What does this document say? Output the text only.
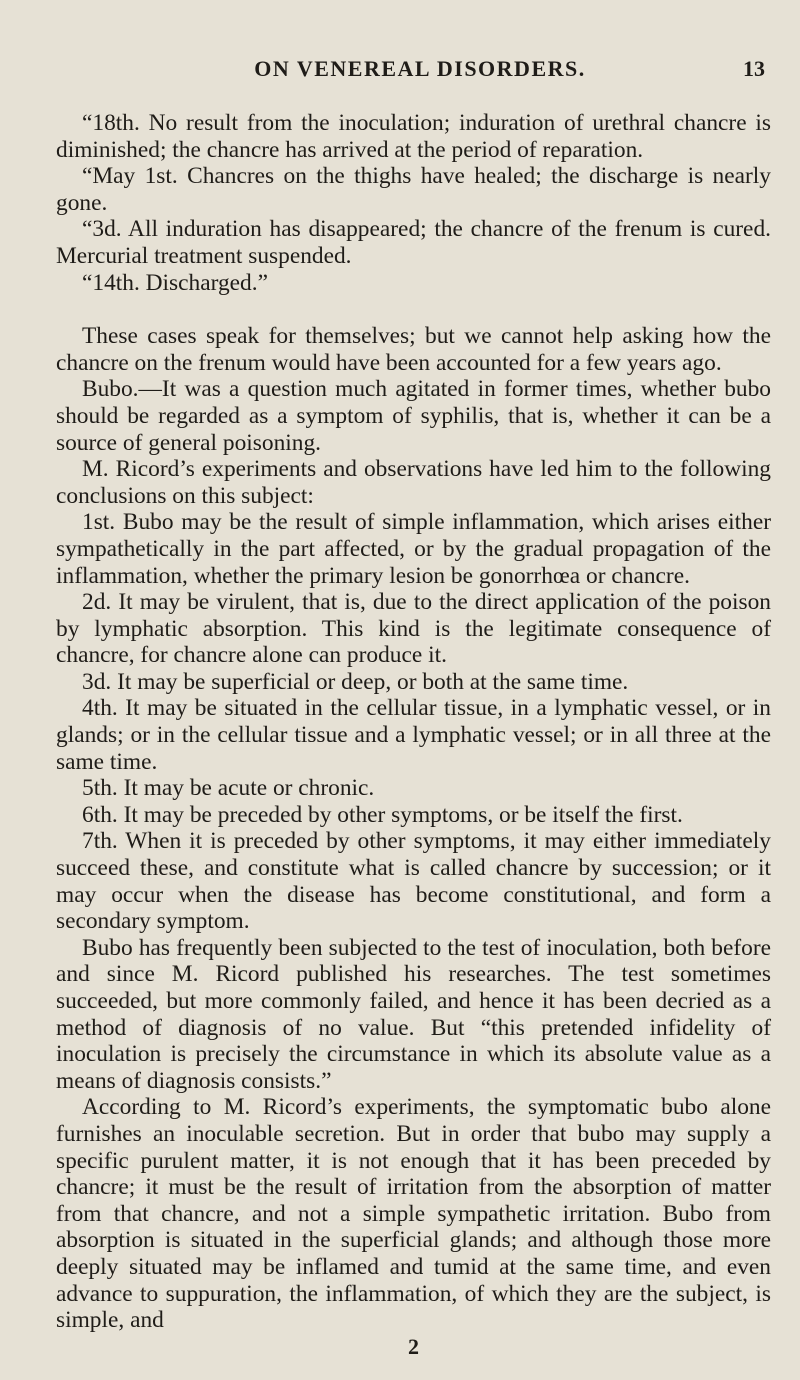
ON VENEREAL DISORDERS.	13

“18th. No result from the inoculation; induration of urethral chancre is diminished; the chancre has arrived at the period of reparation.

“May 1st. Chancres on the thighs have healed; the discharge is nearly gone.

“3d. All induration has disappeared; the chancre of the frenum is cured. Mercurial treatment suspended.

“14th. Discharged.”

These cases speak for themselves; but we cannot help asking how the chancre on the frenum would have been accounted for a few years ago.

Bubo.—It was a question much agitated in former times, whether bubo should be regarded as a symptom of syphilis, that is, whether it can be a source of general poisoning.

M. Ricord’s experiments and observations have led him to the following conclusions on this subject:

1st. Bubo may be the result of simple inflammation, which arises either sympathetically in the part affected, or by the gradual propagation of the inflammation, whether the primary lesion be gonorrhœa or chancre.

2d. It may be virulent, that is, due to the direct application of the poison by lymphatic absorption. This kind is the legitimate consequence of chancre, for chancre alone can produce it.

3d. It may be superficial or deep, or both at the same time.

4th. It may be situated in the cellular tissue, in a lymphatic vessel, or in glands; or in the cellular tissue and a lymphatic vessel; or in all three at the same time.

5th. It may be acute or chronic.

6th. It may be preceded by other symptoms, or be itself the first.

7th. When it is preceded by other symptoms, it may either immediately succeed these, and constitute what is called chancre by succession; or it may occur when the disease has become constitutional, and form a secondary symptom.

Bubo has frequently been subjected to the test of inoculation, both before and since M. Ricord published his researches. The test sometimes succeeded, but more commonly failed, and hence it has been decried as a method of diagnosis of no value. But “this pretended infidelity of inoculation is precisely the circumstance in which its absolute value as a means of diagnosis consists.”

According to M. Ricord’s experiments, the symptomatic bubo alone furnishes an inoculable secretion. But in order that bubo may supply a specific purulent matter, it is not enough that it has been preceded by chancre; it must be the result of irritation from the absorption of matter from that chancre, and not a simple sympathetic irritation. Bubo from absorption is situated in the superficial glands; and although those more deeply situated may be inflamed and tumid at the same time, and even advance to suppuration, the inflammation, of which they are the subject, is simple, and

2
